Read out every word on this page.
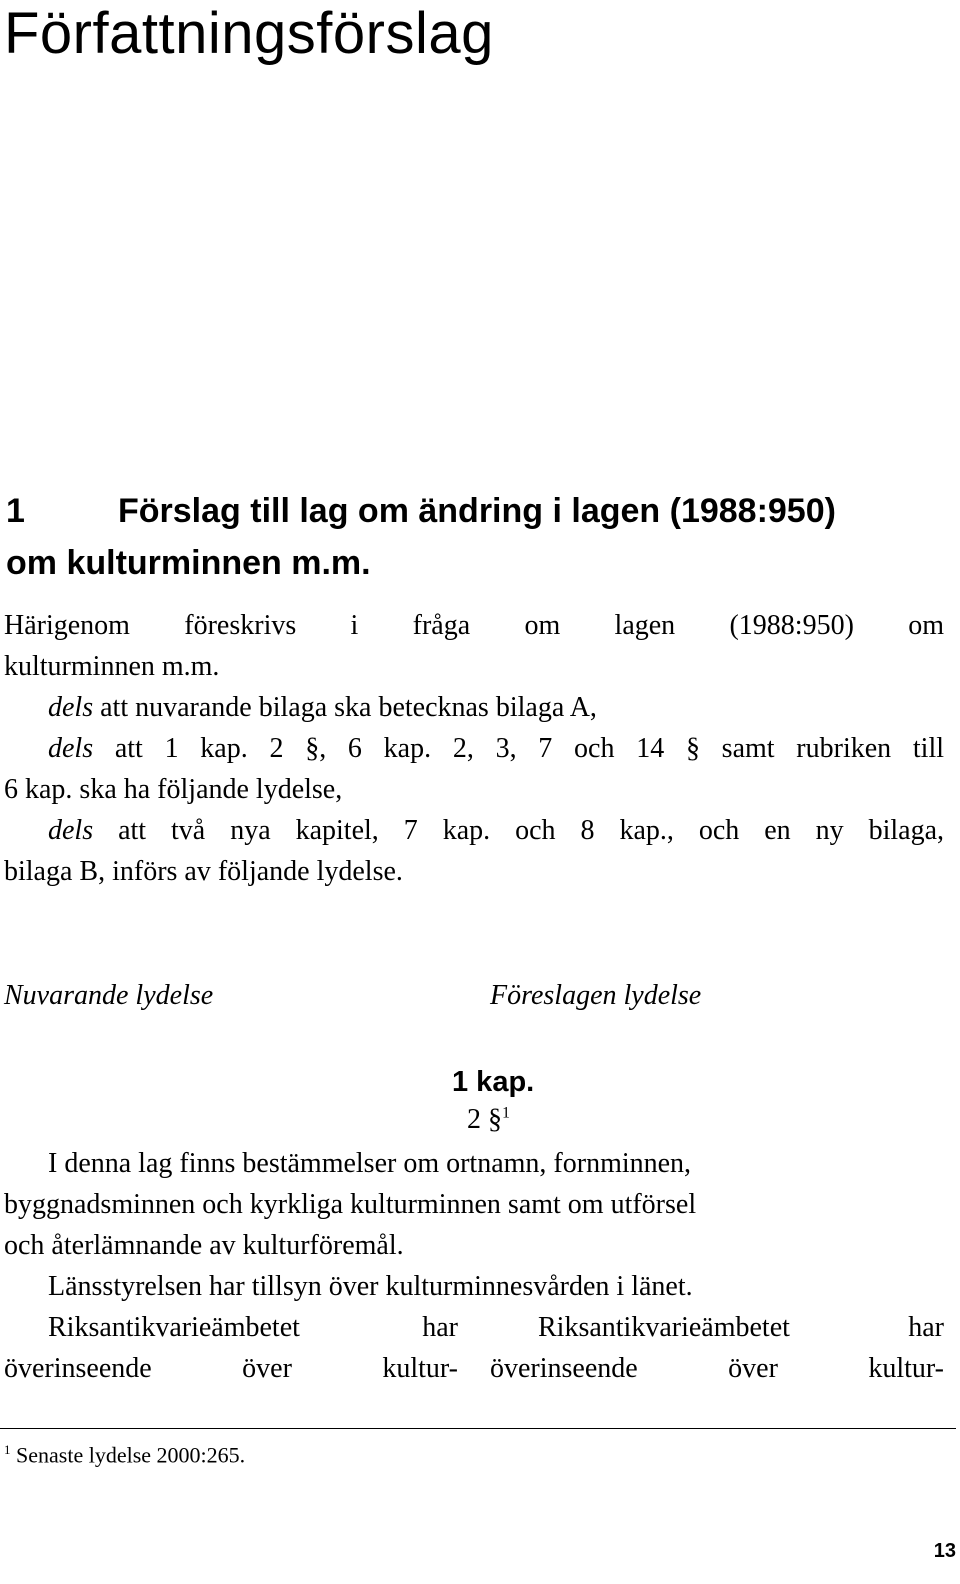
Författningsförslag
1	Förslag till lag om ändring i lagen (1988:950)
om kulturminnen m.m.
Härigenom föreskrivs i fråga om lagen (1988:950) om
kulturminnen m.m.
dels att nuvarande bilaga ska betecknas bilaga A,
dels att 1 kap. 2 §, 6 kap. 2, 3, 7 och 14 § samt rubriken till
6 kap. ska ha följande lydelse,
dels att två nya kapitel, 7 kap. och 8 kap., och en ny bilaga,
bilaga B, införs av följande lydelse.
Nuvarande lydelse	Föreslagen lydelse
1 kap.
2 §$^1$
I denna lag finns bestämmelser om ortnamn, fornminnen,
byggnadsminnen och kyrkliga kulturminnen samt om utförsel
och återlämnande av kulturföremål.
Länsstyrelsen har tillsyn över kulturminnesvården i länet.
Riksantikvarieämbetet har
överinseende över kultur-
Riksantikvarieämbetet har
överinseende över kultur-
$^1$ Senaste lydelse 2000:265.
13
